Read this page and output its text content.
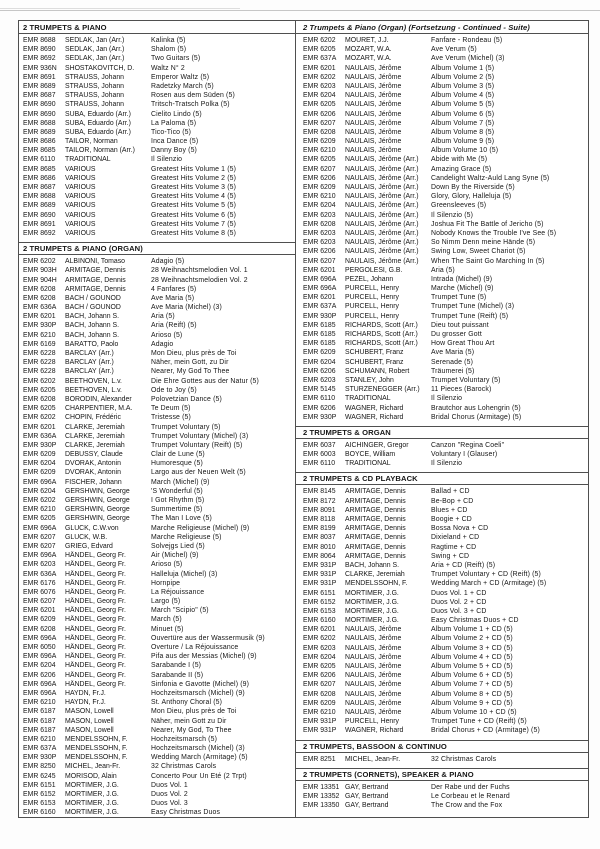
2 TRUMPETS & PIANO
EMR 8688	SEDLAK, Jan (Arr.)	Kalinka (5)
EMR 8690	SEDLAK, Jan (Arr.)	Shalom (5)
EMR 8692	SEDLAK, Jan (Arr.)	Two Guitars (5)
EMR 936N	SHOSTAKOVITCH, D.	Waltz N° 2
EMR 8691	STRAUSS, Johann	Emperor Waltz (5)
EMR 8689	STRAUSS, Johann	Radetzky March (5)
EMR 8687	STRAUSS, Johann	Rosen aus dem Süden (5)
EMR 8690	STRAUSS, Johann	Tritsch-Tratsch Polka (5)
EMR 8690	SUBA, Eduardo (Arr.)	Cielito Lindo (5)
EMR 8688	SUBA, Eduardo (Arr.)	La Paloma (5)
EMR 8689	SUBA, Eduardo (Arr.)	Tico-Tico (5)
EMR 8686	TAILOR, Norman	Inca Dance (5)
EMR 8685	TAILOR, Norman (Arr.)	Danny Boy (5)
EMR 6110	TRADITIONAL	Il Silenzio
EMR 8685	VARIOUS	Greatest Hits Volume 1 (5)
EMR 8686	VARIOUS	Greatest Hits Volume 2 (5)
EMR 8687	VARIOUS	Greatest Hits Volume 3 (5)
EMR 8688	VARIOUS	Greatest Hits Volume 4 (5)
EMR 8689	VARIOUS	Greatest Hits Volume 5 (5)
EMR 8690	VARIOUS	Greatest Hits Volume 6 (5)
EMR 8691	VARIOUS	Greatest Hits Volume 7 (5)
EMR 8692	VARIOUS	Greatest Hits Volume 8 (5)
2 TRUMPETS & PIANO (ORGAN)
EMR 6202	ALBINONI, Tomaso	Adagio (5)
EMR 903H	ARMITAGE, Dennis	28 Weihnachtsmelodien Vol. 1
EMR 904H	ARMITAGE, Dennis	28 Weihnachtsmelodien Vol. 2
EMR 6208	ARMITAGE, Dennis	4 Fanfares (5)
EMR 6208	BACH / GOUNOD	Ave Maria (5)
EMR 636A	BACH / GOUNOD	Ave Maria (Michel) (3)
EMR 6201	BACH, Johann S.	Aria (5)
EMR 930P	BACH, Johann S.	Aria (Reift) (5)
EMR 6210	BACH, Johann S.	Arioso (5)
EMR 6169	BARATTO, Paolo	Adagio
EMR 6228	BARCLAY (Arr.)	Mon Dieu, plus près de Toi
EMR 6228	BARCLAY (Arr.)	Näher, mein Gott, zu Dir
EMR 6228	BARCLAY (Arr.)	Nearer, My God To Thee
EMR 6202	BEETHOVEN, L.v.	Die Ehre Gottes aus der Natur (5)
EMR 6205	BEETHOVEN, L.v.	Ode to Joy (5)
EMR 6208	BORODIN, Alexander	Polovetzian Dance (5)
EMR 6205	CHARPENTIER, M.A.	Te Deum (5)
EMR 6202	CHOPIN, Frédéric	Tristesse (5)
EMR 6201	CLARKE, Jeremiah	Trumpet Voluntary (5)
EMR 636A	CLARKE, Jeremiah	Trumpet Voluntary (Michel) (3)
EMR 930P	CLARKE, Jeremiah	Trumpet Voluntary (Reift) (5)
EMR 6209	DEBUSSY, Claude	Clair de Lune (5)
EMR 6204	DVORAK, Antonin	Humoresque (5)
EMR 6209	DVORAK, Antonin	Largo aus der Neuen Welt (5)
EMR 696A	FISCHER, Johann	March (Michel) (9)
EMR 6204	GERSHWIN, George	'S Wonderful (5)
EMR 6202	GERSHWIN, George	I Got Rhythm (5)
EMR 6210	GERSHWIN, George	Summertime (5)
EMR 6205	GERSHWIN, George	The Man I Love (5)
EMR 696A	GLUCK, C.W.von	Marche Religieuse (Michel) (9)
EMR 6207	GLUCK, W.B.	Marche Religieuse (5)
EMR 6207	GRIEG, Edvard	Solvejgs Lied (5)
EMR 696A	HÄNDEL, Georg Fr.	Air (Michel) (9)
EMR 6203	HÄNDEL, Georg Fr.	Arioso (5)
EMR 636A	HÄNDEL, Georg Fr.	Halleluja (Michel) (3)
EMR 6176	HÄNDEL, Georg Fr.	Hornpipe
EMR 6076	HÄNDEL, Georg Fr.	La Réjouissance
EMR 6207	HÄNDEL, Georg Fr.	Largo (5)
EMR 6201	HÄNDEL, Georg Fr.	March "Scipio" (5)
EMR 6209	HÄNDEL, Georg Fr.	March (5)
EMR 6208	HÄNDEL, Georg Fr.	Minuet (5)
EMR 696A	HÄNDEL, Georg Fr.	Ouvertüre aus der Wassermusik (9)
EMR 6050	HÄNDEL, Georg Fr.	Overture / La Réjouissance
EMR 696A	HÄNDEL, Georg Fr.	Pifa aus der Messias (Michel) (9)
EMR 6204	HÄNDEL, Georg Fr.	Sarabande I (5)
EMR 6206	HÄNDEL, Georg Fr.	Sarabande II (5)
EMR 696A	HÄNDEL, Georg Fr.	Sinfonia e Gavotte (Michel) (9)
EMR 696A	HAYDN, Fr.J.	Hochzeitsmarsch (Michel) (9)
EMR 6210	HAYDN, Fr.J.	St. Anthony Choral (5)
EMR 6187	MASON, Lowell	Mon Dieu, plus près de Toi
EMR 6187	MASON, Lowell	Näher, mein Gott zu Dir
EMR 6187	MASON, Lowell	Nearer, My God, To Thee
EMR 6210	MENDELSSOHN, F.	Hochzeitsmarsch (5)
EMR 637A	MENDELSSOHN, F.	Hochzeitsmarsch (Michel) (3)
EMR 930P	MENDELSSOHN, F.	Wedding March (Armitage) (5)
EMR 8250	MICHEL, Jean-Fr.	32 Christmas Carols
EMR 6245	MORISOD, Alain	Concerto Pour Un Eté (2 Trpt)
EMR 6151	MORTIMER, J.G.	Duos Vol. 1
EMR 6152	MORTIMER, J.G.	Duos Vol. 2
EMR 6153	MORTIMER, J.G.	Duos Vol. 3
EMR 6160	MORTIMER, J.G.	Easy Christmas Duos
2 Trumpets & Piano (Organ) (Fortsetzung - Continued - Suite)
EMR 6202	MOURET, J.J.	Fanfare - Rondeau (5)
EMR 6205	MOZART, W.A.	Ave Verum (5)
EMR 637A	MOZART, W.A.	Ave Verum (Michel) (3)
EMR 6201	NAULAIS, Jérôme	Album Volume 1 (5)
EMR 6202	NAULAIS, Jérôme	Album Volume 2 (5)
EMR 6203	NAULAIS, Jérôme	Album Volume 3 (5)
EMR 6204	NAULAIS, Jérôme	Album Volume 4 (5)
EMR 6205	NAULAIS, Jérôme	Album Volume 5 (5)
EMR 6206	NAULAIS, Jérôme	Album Volume 6 (5)
EMR 6207	NAULAIS, Jérôme	Album Volume 7 (5)
EMR 6208	NAULAIS, Jérôme	Album Volume 8 (5)
EMR 6209	NAULAIS, Jérôme	Album Volume 9 (5)
EMR 6210	NAULAIS, Jérôme	Album Volume 10 (5)
EMR 6205	NAULAIS, Jérôme (Arr.)	Abide with Me (5)
EMR 6207	NAULAIS, Jérôme (Arr.)	Amazing Grace (5)
EMR 6206	NAULAIS, Jérôme (Arr.)	Candelight Waltz-Auld Lang Syne (5)
EMR 6209	NAULAIS, Jérôme (Arr.)	Down By the Riverside (5)
EMR 6210	NAULAIS, Jérôme (Arr.)	Glory, Glory, Halleluja (5)
EMR 6204	NAULAIS, Jérôme (Arr.)	Greensleeves (5)
EMR 6203	NAULAIS, Jérôme (Arr.)	Il Silenzio (5)
EMR 6208	NAULAIS, Jérôme (Arr.)	Joshua Fit The Battle of Jericho (5)
EMR 6203	NAULAIS, Jérôme (Arr.)	Nobody Knows the Trouble I've See (5)
EMR 6203	NAULAIS, Jérôme (Arr.)	So Nimm Denn meine Hände (5)
EMR 6206	NAULAIS, Jérôme (Arr.)	Swing Low, Sweet Chariot (5)
EMR 6207	NAULAIS, Jérôme (Arr.)	When The Saint Go Marching In (5)
EMR 6201	PERGOLESI, G.B.	Aria (5)
EMR 696A	PEZEL, Johann	Intrada (Michel) (9)
EMR 696A	PURCELL, Henry	Marche (Michel) (9)
EMR 6201	PURCELL, Henry	Trumpet Tune (5)
EMR 637A	PURCELL, Henry	Trumpet Tune (Michel) (3)
EMR 930P	PURCELL, Henry	Trumpet Tune (Reift) (5)
EMR 6185	RICHARDS, Scott (Arr.)	Dieu tout puissant
EMR 6185	RICHARDS, Scott (Arr.)	Du grosser Gott
EMR 6185	RICHARDS, Scott (Arr.)	How Great Thou Art
EMR 6209	SCHUBERT, Franz	Ave Maria (5)
EMR 6204	SCHUBERT, Franz	Serenade (5)
EMR 6206	SCHUMANN, Robert	Träumerei (5)
EMR 6203	STANLEY, John	Trumpet Voluntary (5)
EMR 5145	STURZENEGGER (Arr.)	11 Pieces (Barock)
EMR 6110	TRADITIONAL	Il Silenzio
EMR 6206	WAGNER, Richard	Brautchor aus Lohengrin (5)
EMR 930P	WAGNER, Richard	Bridal Chorus (Armitage) (5)
2 TRUMPETS & ORGAN
EMR 6037	AICHINGER, Gregor	Canzon "Regina Coeli"
EMR 6003	BOYCE, William	Voluntary I (Glauser)
EMR 6110	TRADITIONAL	Il Silenzio
2 TRUMPETS & CD PLAYBACK
EMR 8145	ARMITAGE, Dennis	Ballad + CD
EMR 8172	ARMITAGE, Dennis	Be-Bop + CD
EMR 8091	ARMITAGE, Dennis	Blues + CD
EMR 8118	ARMITAGE, Dennis	Boogie + CD
EMR 8199	ARMITAGE, Dennis	Bossa Nova + CD
EMR 8037	ARMITAGE, Dennis	Dixieland + CD
EMR 8010	ARMITAGE, Dennis	Ragtime + CD
EMR 8064	ARMITAGE, Dennis	Swing + CD
EMR 931P	BACH, Johann S.	Aria + CD (Reift) (5)
EMR 931P	CLARKE, Jeremiah	Trumpet Voluntary + CD (Reift) (5)
EMR 931P	MENDELSSOHN, F.	Wedding March + CD (Armitage) (5)
EMR 6151	MORTIMER, J.G.	Duos Vol. 1 + CD
EMR 6152	MORTIMER, J.G.	Duos Vol. 2 + CD
EMR 6153	MORTIMER, J.G.	Duos Vol. 3 + CD
EMR 6160	MORTIMER, J.G.	Easy Christmas Duos + CD
EMR 6201	NAULAIS, Jérôme	Album Volume 1 + CD (5)
EMR 6202	NAULAIS, Jérôme	Album Volume 2 + CD (5)
EMR 6203	NAULAIS, Jérôme	Album Volume 3 + CD (5)
EMR 6204	NAULAIS, Jérôme	Album Volume 4 + CD (5)
EMR 6205	NAULAIS, Jérôme	Album Volume 5 + CD (5)
EMR 6206	NAULAIS, Jérôme	Album Volume 6 + CD (5)
EMR 6207	NAULAIS, Jérôme	Album Volume 7 + CD (5)
EMR 6208	NAULAIS, Jérôme	Album Volume 8 + CD (5)
EMR 6209	NAULAIS, Jérôme	Album Volume 9 + CD (5)
EMR 6210	NAULAIS, Jérôme	Album Volume 10 + CD (5)
EMR 931P	PURCELL, Henry	Trumpet Tune + CD (Reift) (5)
EMR 931P	WAGNER, Richard	Bridal Chorus + CD (Armitage) (5)
2 TRUMPETS, BASSOON & CONTINUO
EMR 8251	MICHEL, Jean-Fr.	32 Christmas Carols
2 TRUMPETS (CORNETS), SPEAKER & PIANO
EMR 13351 GAY, Bertrand	Der Rabe und der Fuchs
EMR 13352 GAY, Bertrand	Le Corbeau et le Renard
EMR 13350 GAY, Bertrand	The Crow and the Fox
